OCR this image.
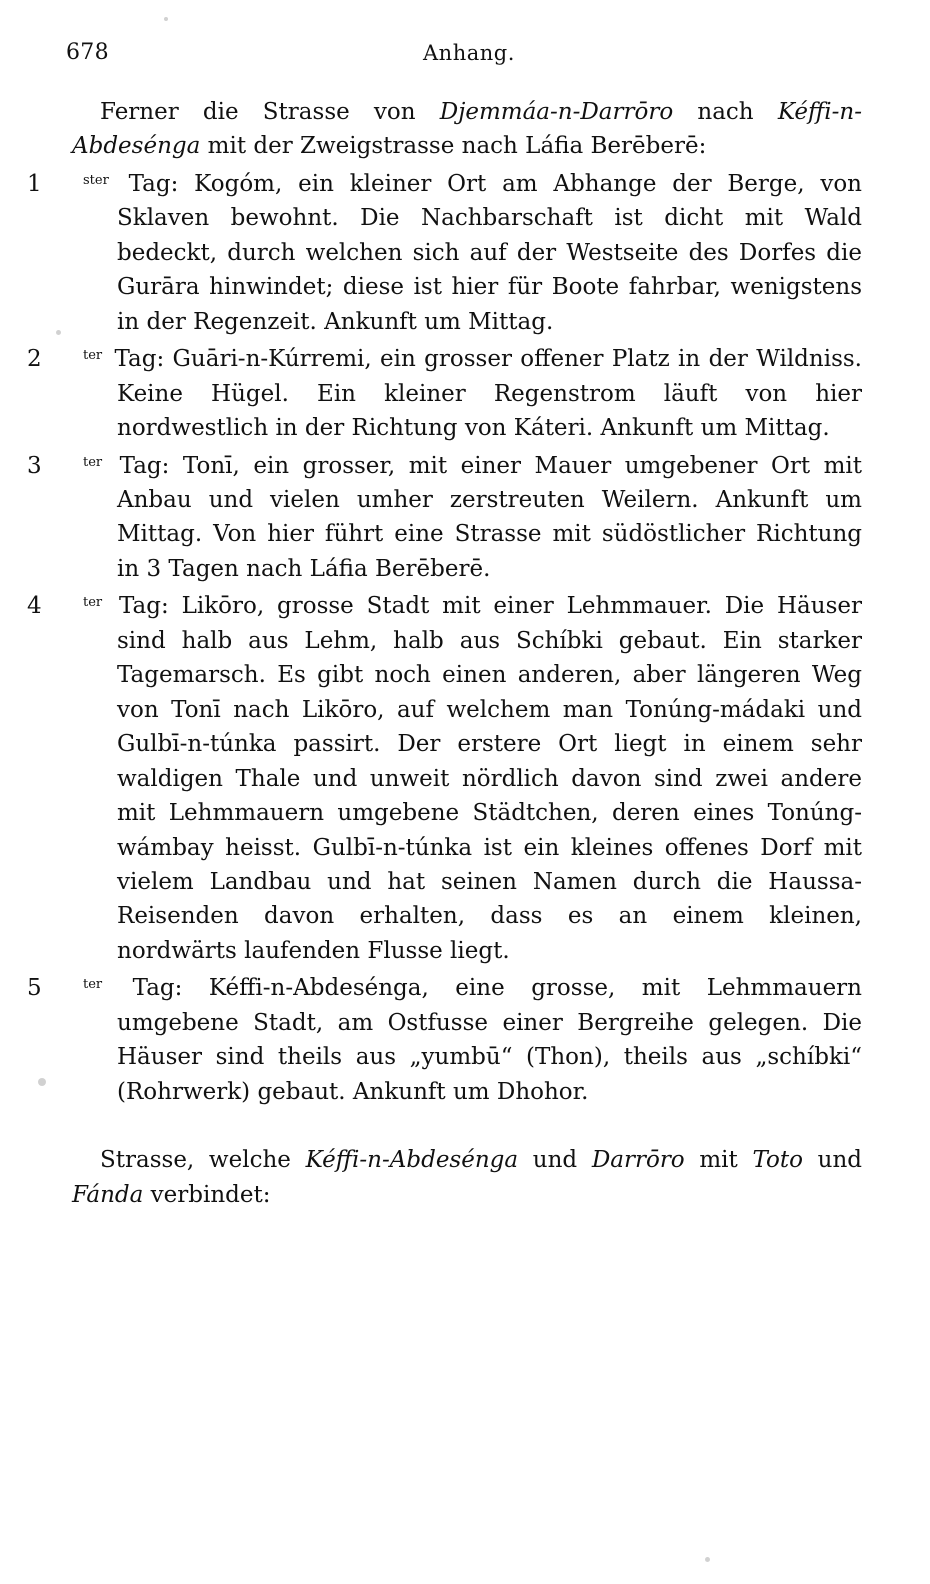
678	Anhang.

Ferner die Strasse von Djemmáa-n-Darrōro nach Kéffi-n-Abdesénga mit der Zweigstrasse nach Láfia Berēberē:

1	$^{ster}$ Tag: Kogóm, ein kleiner Ort am Abhange der Berge, von Sklaven bewohnt. Die Nachbarschaft ist dicht mit Wald bedeckt, durch welchen sich auf der Westseite des Dorfes die Gurāra hinwindet; diese ist hier für Boote fahrbar, wenigstens in der Regenzeit. Ankunft um Mittag.

2	$^{ter}$ Tag: Guāri-n-Kúrremi, ein grosser offener Platz in der Wildniss. Keine Hügel. Ein kleiner Regenstrom läuft von hier nordwestlich in der Richtung von Káteri. Ankunft um Mittag.

3	$^{ter}$ Tag: Tonī, ein grosser, mit einer Mauer umgebener Ort mit Anbau und vielen umher zerstreuten Weilern. Ankunft um Mittag. Von hier führt eine Strasse mit südöstlicher Richtung in 3 Tagen nach Láfia Berēberē.

4	$^{ter}$ Tag: Likōro, grosse Stadt mit einer Lehmmauer. Die Häuser sind halb aus Lehm, halb aus Schíbki gebaut. Ein starker Tagemarsch. Es gibt noch einen anderen, aber längeren Weg von Tonī nach Likōro, auf welchem man Tonúng-mádaki und Gulbī-n-túnka passirt. Der erstere Ort liegt in einem sehr waldigen Thale und unweit nördlich davon sind zwei andere mit Lehmmauern umgebene Städtchen, deren eines Tonúng-wámbay heisst. Gulbī-n-túnka ist ein kleines offenes Dorf mit vielem Landbau und hat seinen Namen durch die Haussa-Reisenden davon erhalten, dass es an einem kleinen, nordwärts laufenden Flusse liegt.

5	$^{ter}$ Tag: Kéffi-n-Abdesénga, eine grosse, mit Lehmmauern umgebene Stadt, am Ostfusse einer Bergreihe gelegen. Die Häuser sind theils aus „yumbū“ (Thon), theils aus „schíbki“ (Rohrwerk) gebaut. Ankunft um Dhohor.

Strasse, welche Kéffi-n-Abdesénga und Darrōro mit Toto und Fánda verbindet:
